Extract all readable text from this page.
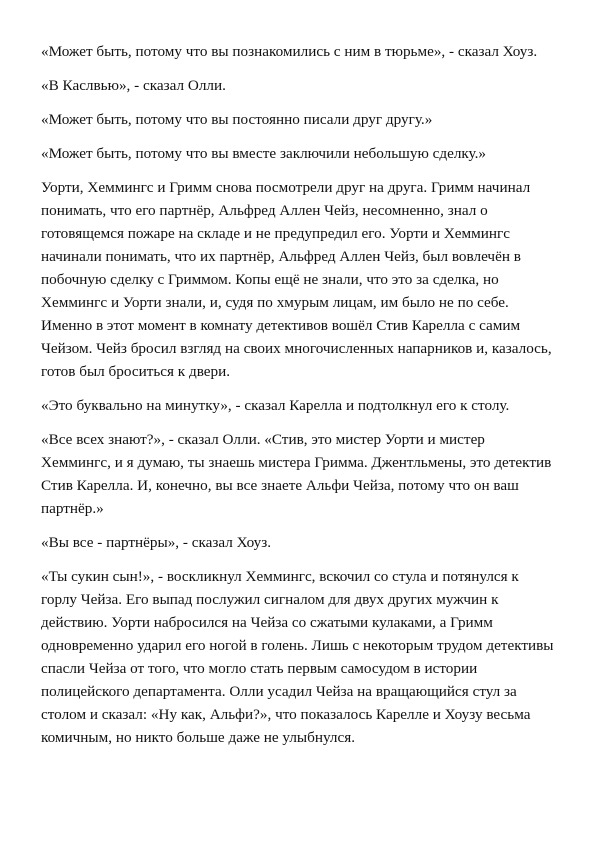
«Может быть, потому что вы познакомились с ним в тюрьме», - сказал Хоуз.

«В Каслвью», - сказал Олли.

«Может быть, потому что вы постоянно писали друг другу.»

«Может быть, потому что вы вместе заключили небольшую сделку.»

Уорти, Хеммингс и Гримм снова посмотрели друг на друга. Гримм начинал понимать, что его партнёр, Альфред Аллен Чейз, несомненно, знал о готовящемся пожаре на складе и не предупредил его. Уорти и Хеммингс начинали понимать, что их партнёр, Альфред Аллен Чейз, был вовлечён в побочную сделку с Гриммом. Копы ещё не знали, что это за сделка, но Хеммингс и Уорти знали, и, судя по хмурым лицам, им было не по себе. Именно в этот момент в комнату детективов вошёл Стив Карелла с самим Чейзом. Чейз бросил взгляд на своих многочисленных напарников и, казалось, готов был броситься к двери.

«Это буквально на минутку», - сказал Карелла и подтолкнул его к столу.

«Все всех знают?», - сказал Олли. «Стив, это мистер Уорти и мистер Хеммингс, и я думаю, ты знаешь мистера Гримма. Джентльмены, это детектив Стив Карелла. И, конечно, вы все знаете Альфи Чейза, потому что он ваш партнёр.»

«Вы все - партнёры», - сказал Хоуз.

«Ты сукин сын!», - воскликнул Хеммингс, вскочил со стула и потянулся к горлу Чейза. Его выпад послужил сигналом для двух других мужчин к действию. Уорти набросился на Чейза со сжатыми кулаками, а Гримм одновременно ударил его ногой в голень. Лишь с некоторым трудом детективы спасли Чейза от того, что могло стать первым самосудом в истории полицейского департамента. Олли усадил Чейза на вращающийся стул за столом и сказал: «Ну как, Альфи?», что показалось Карелле и Хоузу весьма комичным, но никто больше даже не улыбнулся.
